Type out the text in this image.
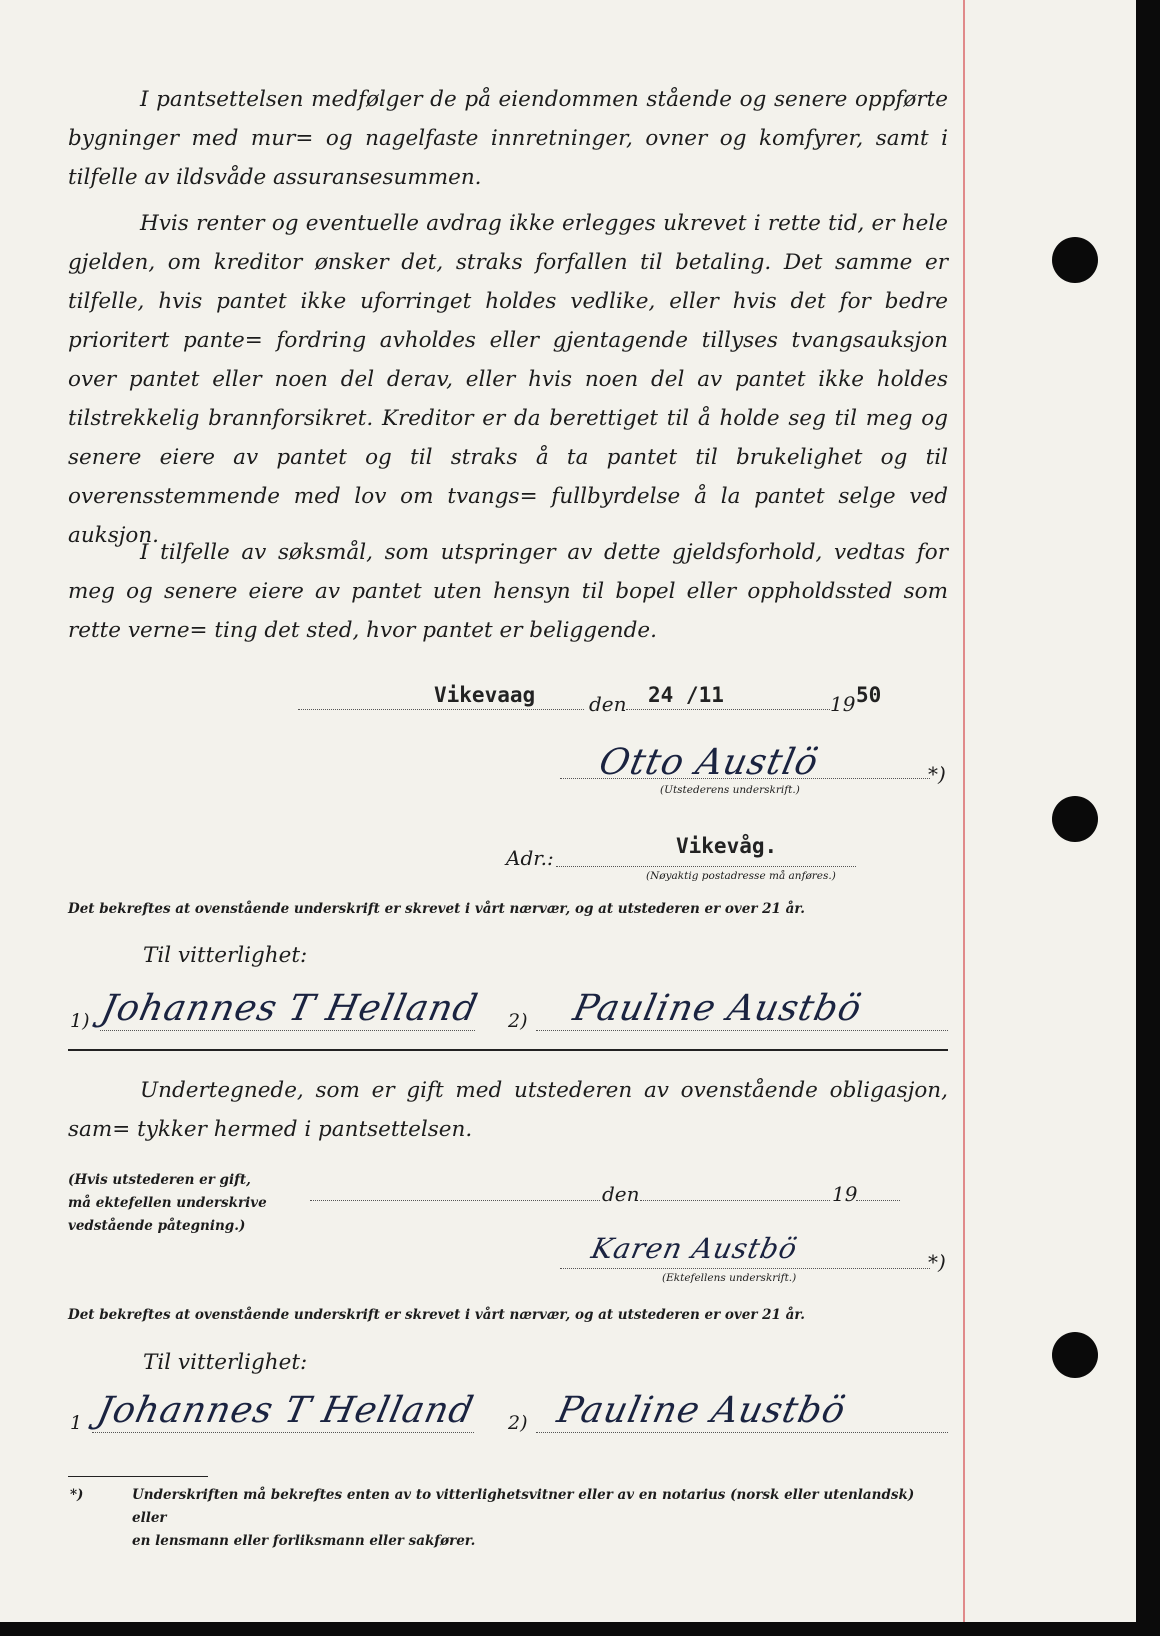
I pantsettelsen medfølger de på eiendommen stående og senere oppførte bygninger med mur= og nagelfaste innretninger, ovner og komfyrer, samt i tilfelle av ildsvåde assuransesummen.

Hvis renter og eventuelle avdrag ikke erlegges ukrevet i rette tid, er hele gjelden, om kreditor ønsker det, straks forfallen til betaling. Det samme er tilfelle, hvis pantet ikke uforringet holdes vedlike, eller hvis det for bedre prioritert pante= fordring avholdes eller gjentagende tillyses tvangsauksjon over pantet eller noen del derav, eller hvis noen del av pantet ikke holdes tilstrekkelig brannforsikret. Kreditor er da berettiget til å holde seg til meg og senere eiere av pantet og til straks å ta pantet til brukelighet og til overensstemmende med lov om tvangs= fullbyrdelse å la pantet selge ved auksjon.

I tilfelle av søksmål, som utspringer av dette gjeldsforhold, vedtas for meg og senere eiere av pantet uten hensyn til bopel eller oppholdssted som rette verne= ting det sted, hvor pantet er beliggende.

Vikevaag	den 24 /11	19 50
Otto Austlö	*)
(Utstederens underskrift.)
Adr.:	Vikevåg.
(Nøyaktig postadresse må anføres.)
Det bekreftes at ovenstående underskrift er skrevet i vårt nærvær, og at utstederen er over 21 år.
Til vitterlighet:
1) Johannes T Helland 2) Pauline Austbö

Undertegnede, som er gift med utstederen av ovenstående obligasjon, sam= tykker hermed i pantsettelsen.

(Hvis utstederen er gift,
må ektefellen underskrive
vedstående påtegning.)
den	19
Karen Austbö	*)
(Ektefellens underskrift.)
Det bekreftes at ovenstående underskrift er skrevet i vårt nærvær, og at utstederen er over 21 år.
Til vitterlighet:
1 Johannes T Helland 2) Pauline Austbö
*)	Underskriften må bekreftes enten av to vitterlighetsvitner eller av en notarius (norsk eller utenlandsk) eller
en lensmann eller forliksmann eller sakfører.
